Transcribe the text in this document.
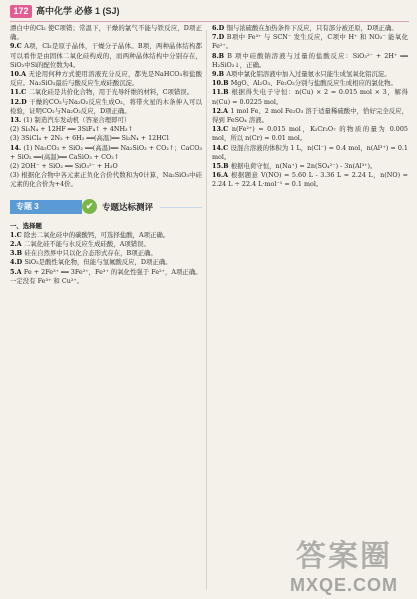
172 高中化学 必修 1 (SJ)
漂白中的Cl₂ 使C项错；常温下，干燥的氯气不能与铁反应，D项正确。
9.C A项，Cl₂是原子晶体，干燥分子晶体。B项，两种晶体结构都可以看作是由固体二氧化硅构成的，而两种晶体结构中分别存在，SiO₂中Si的配位数为4。
10.A 无论用何种方式使用溶液充分反应，都先是NaHCO₃和盐酸反应。Na₂SiO₃最后与酸反应生成硅酸沉淀。
11.C 二氧化硅是共价化合物，用于光导纤维的材料，C项错误。
12.D 干燥的CO₂与Na₂O₂反应生成O₂，将带火星的木条伸入可以检验，证明CO₂与Na₂O₂反应，D项正确。
13. (1) 制造汽车发动机（答案合理即可）
(2) Si₃N₄ + 12HF ══ 3SiF₄↑ + 4NH₃↑
(3) 3SiCl₄ + 2N₂ + 6H₂ ══(高温)══ Si₃N₄ + 12HCl
14. (1) Na₂CO₃ + SiO₂ ══(高温)══ Na₂SiO₃ + CO₂↑；CaCO₃ + SiO₂ ══(高温)══ CaSiO₃ + CO₂↑
(2) 2OH⁻ + SiO₂ ══ SiO₃²⁻ + H₂O
(3) 根据化合物中各元素正负化合价代数和为0计算，Na₂SiO₃中硅元素的化合价为+4价。
专题 3	✔	专题达标测评
一、选择题
1.C 除去二氧化硅中的碳酸钙，可选择盐酸，A项正确。
2.A 二氧化硅不能与水反应生成硅酸，A项错误。
3.B 硅在自然界中只以化合态形式存在，B项正确。
4.D SiO₂是酸性氧化物，但能与氢氟酸反应，D项正确。
5.A Fe + 2Fe³⁺ ══ 3Fe²⁺，Fe³⁺ 的氧化性强于 Fe²⁺，A项正确。
一定没有 Fe³⁺ 和 Cu²⁺。
6.D 铜与浓硫酸在加热条件下反应，只有部分被还原，D项正确。
7.D B项中 Fe³⁺ 与 SCN⁻ 发生反应，C项中 H⁺ 和 NO₃⁻ 能氧化 Fe²⁺。
8.B B 项中硅酸钠溶液与过量的盐酸反应：SiO₃²⁻ + 2H⁺ ══ H₂SiO₃↓，正确。
9.B A项中氯化铝溶液中加入过量氨水只能生成氢氧化铝沉淀。
10.B MgO、Al₂O₃、Fe₂O₃分别与盐酸反应生成相应的氯化物。
11.B 根据得失电子守恒：n(Cu) × 2 = 0.015 mol × 3，解得 n(Cu) = 0.0225 mol。
12.A 1 mol Fe、2 mol Fe₂O₃ 溶于适量稀硫酸中，恰好完全反应，得到 FeSO₄ 溶液。
13.C n(Fe²⁺) = 0.015 mol，K₂Cr₂O₇ 的物质的量为 0.005 mol，所以 n(Cr) = 0.01 mol。
14.C 设混合溶液的体积为 1 L，n(Cl⁻) = 0.4 mol，n(Al³⁺) = 0.1 mol。
15.B 根据电荷守恒，n(Na⁺) = 2n(SO₄²⁻) - 3n(Al³⁺)。
16.A 根据题意 V(NO) = 5.60 L - 3.36 L = 2.24 L，n(NO) = 2.24 L ÷ 22.4 L·mol⁻¹ = 0.1 mol。
答案圈
MXQE.COM
